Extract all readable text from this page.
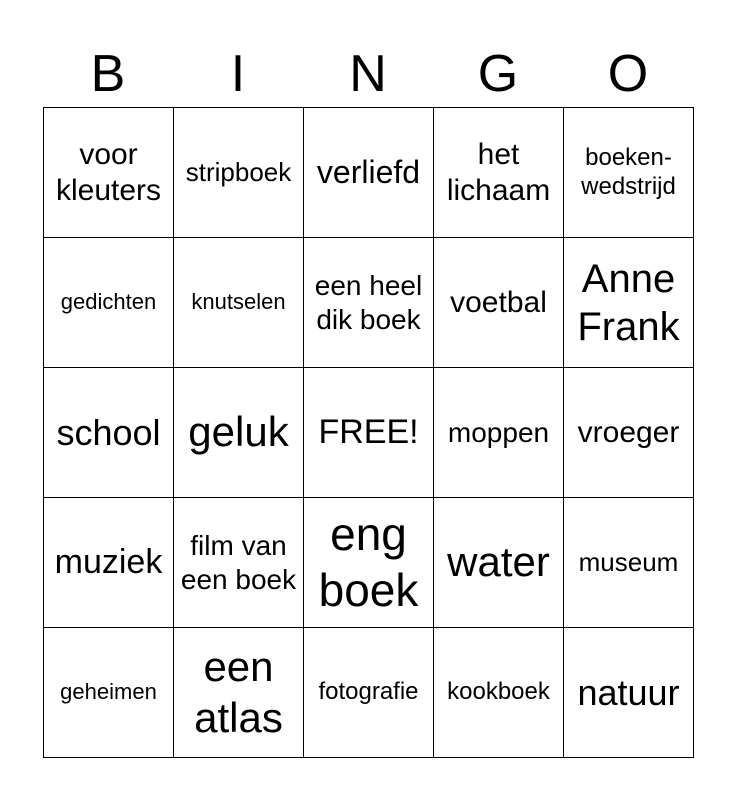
B	I	N	G	O
voor kleuters	stripboek	verliefd	het lichaam	boeken-wedstrijd
gedichten	knutselen	een heel dik boek	voetbal	Anne Frank
school	geluk	FREE!	moppen	vroeger
muziek	film van een boek	eng boek	water	museum
geheimen	een atlas	fotografie	kookboek	natuur
